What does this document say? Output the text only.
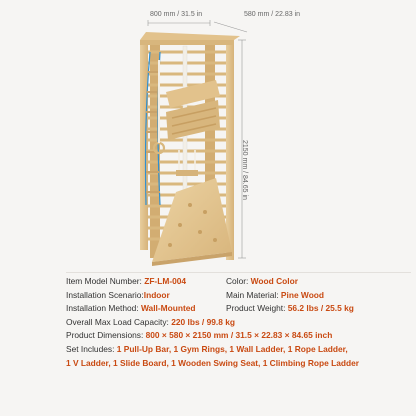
800 mm / 31.5 in	580 mm / 22.83 in
2150 mm / 84.65 in
Item Model Number: ZF-LM-004	Color: Wood Color
Installation Scenario:Indoor	Main Material: Pine Wood
Installation Method: Wall-Mounted	Product Weight: 56.2 lbs / 25.5 kg
Overall Max Load Capacity: 220 lbs / 99.8 kg
Product Dimensions: 800 × 580 × 2150 mm / 31.5 × 22.83 × 84.65 inch
Set Includes: 1 Pull-Up Bar, 1 Gym Rings, 1 Wall Ladder, 1 Rope Ladder,
1 V Ladder, 1 Slide Board, 1 Wooden Swing Seat, 1 Climbing Rope Ladder
